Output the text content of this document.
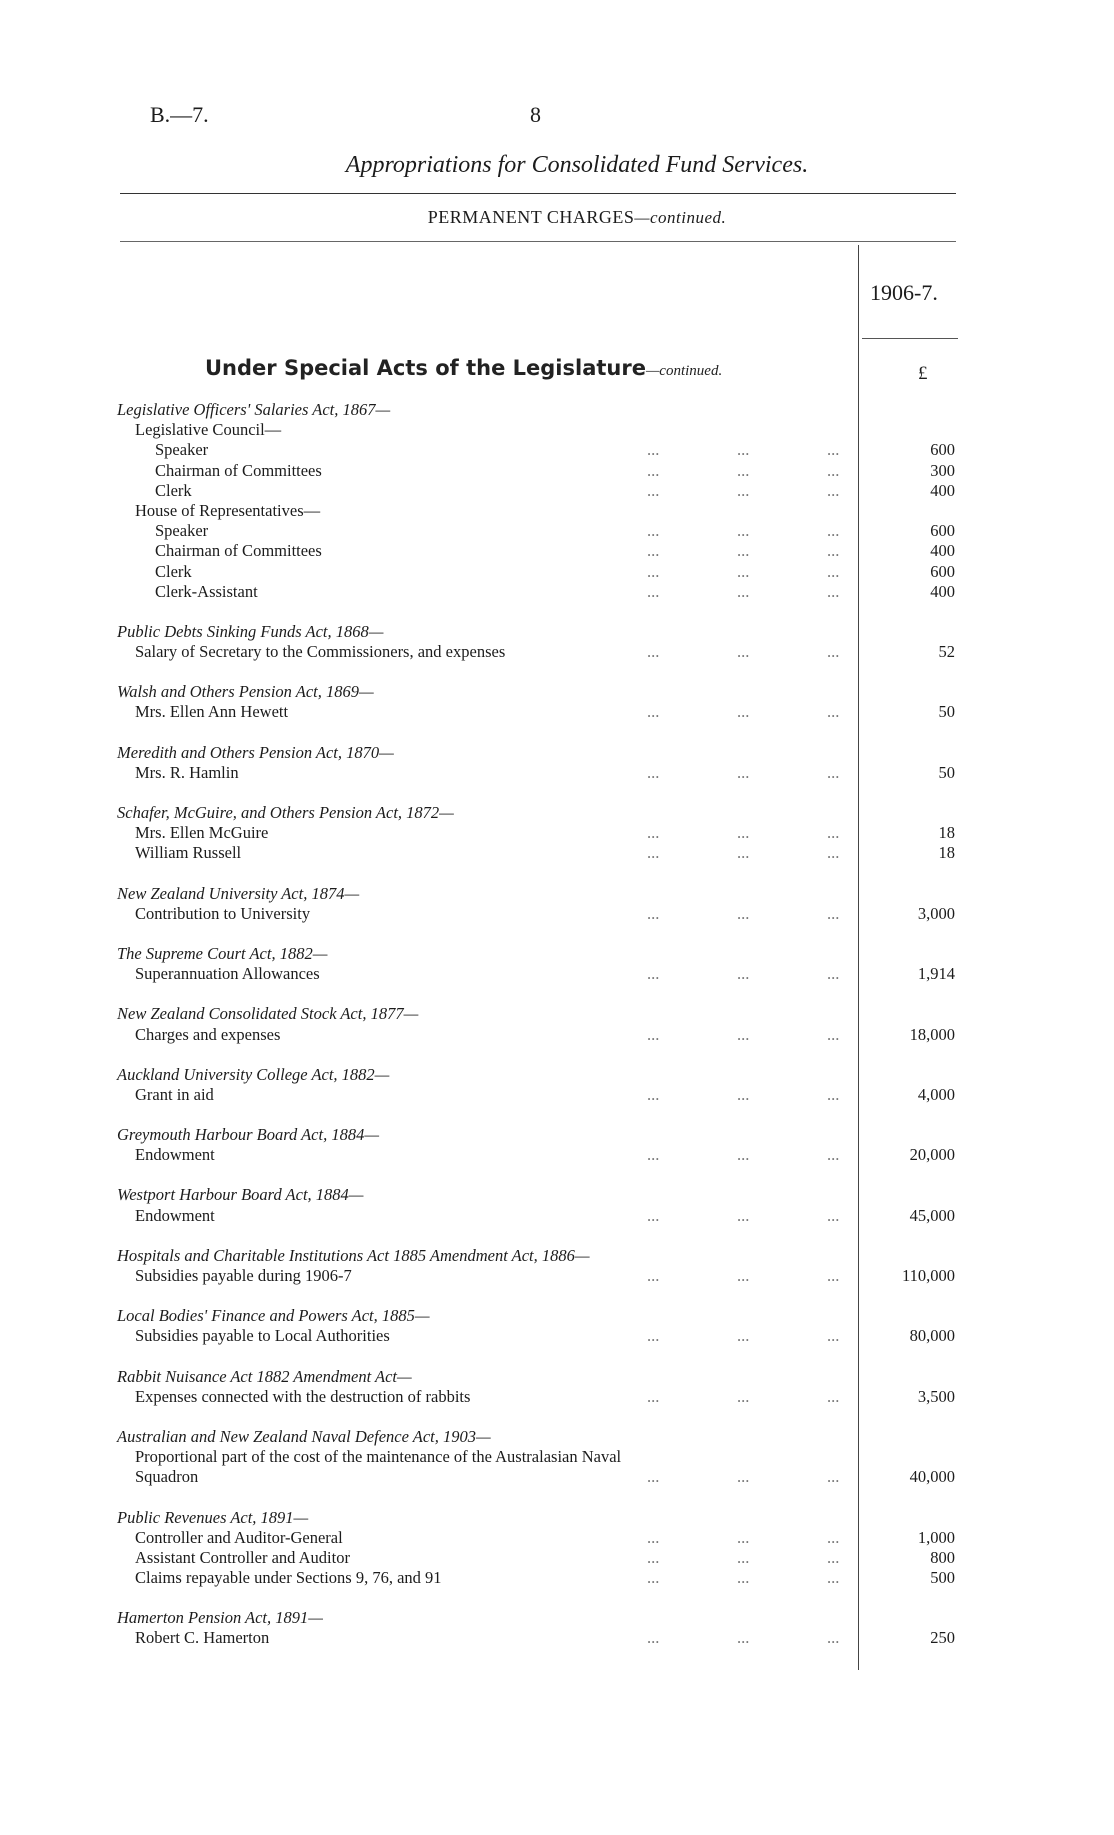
B.—7.	8
Appropriations for Consolidated Fund Services.
PERMANENT CHARGES—continued.
1906-7.
£
Under Special Acts of the Legislature—continued.
Legislative Officers' Salaries Act, 1867—
Legislative Council—
Speaker	...	...	...	600
Chairman of Committees	...	...	...	300
Clerk	...	...	...	400
House of Representatives—
Speaker	...	...	...	600
Chairman of Committees	...	...	...	400
Clerk	...	...	...	600
Clerk-Assistant	...	...	...	400
Public Debts Sinking Funds Act, 1868—
Salary of Secretary to the Commissioners, and expenses	...	...	...	52
Walsh and Others Pension Act, 1869—
Mrs. Ellen Ann Hewett	...	...	...	50
Meredith and Others Pension Act, 1870—
Mrs. R. Hamlin	...	...	...	50
Schafer, McGuire, and Others Pension Act, 1872—
Mrs. Ellen McGuire	...	...	...	18
William Russell	...	...	...	18
New Zealand University Act, 1874—
Contribution to University	...	...	...	3,000
The Supreme Court Act, 1882—
Superannuation Allowances	...	...	...	1,914
New Zealand Consolidated Stock Act, 1877—
Charges and expenses	...	...	...	18,000
Auckland University College Act, 1882—
Grant in aid	...	...	...	4,000
Greymouth Harbour Board Act, 1884—
Endowment	...	...	...	20,000
Westport Harbour Board Act, 1884—
Endowment	...	...	...	45,000
Hospitals and Charitable Institutions Act 1885 Amendment Act, 1886—
Subsidies payable during 1906-7	...	...	...	110,000
Local Bodies' Finance and Powers Act, 1885—
Subsidies payable to Local Authorities	...	...	...	80,000
Rabbit Nuisance Act 1882 Amendment Act—
Expenses connected with the destruction of rabbits	...	...	...	3,500
Australian and New Zealand Naval Defence Act, 1903—
Proportional part of the cost of the maintenance of the Australasian Naval
Squadron	...	...	...	40,000
Public Revenues Act, 1891—
Controller and Auditor-General	...	...	...	1,000
Assistant Controller and Auditor	...	...	...	800
Claims repayable under Sections 9, 76, and 91	...	...	...	500
Hamerton Pension Act, 1891—
Robert C. Hamerton	...	...	...	250
